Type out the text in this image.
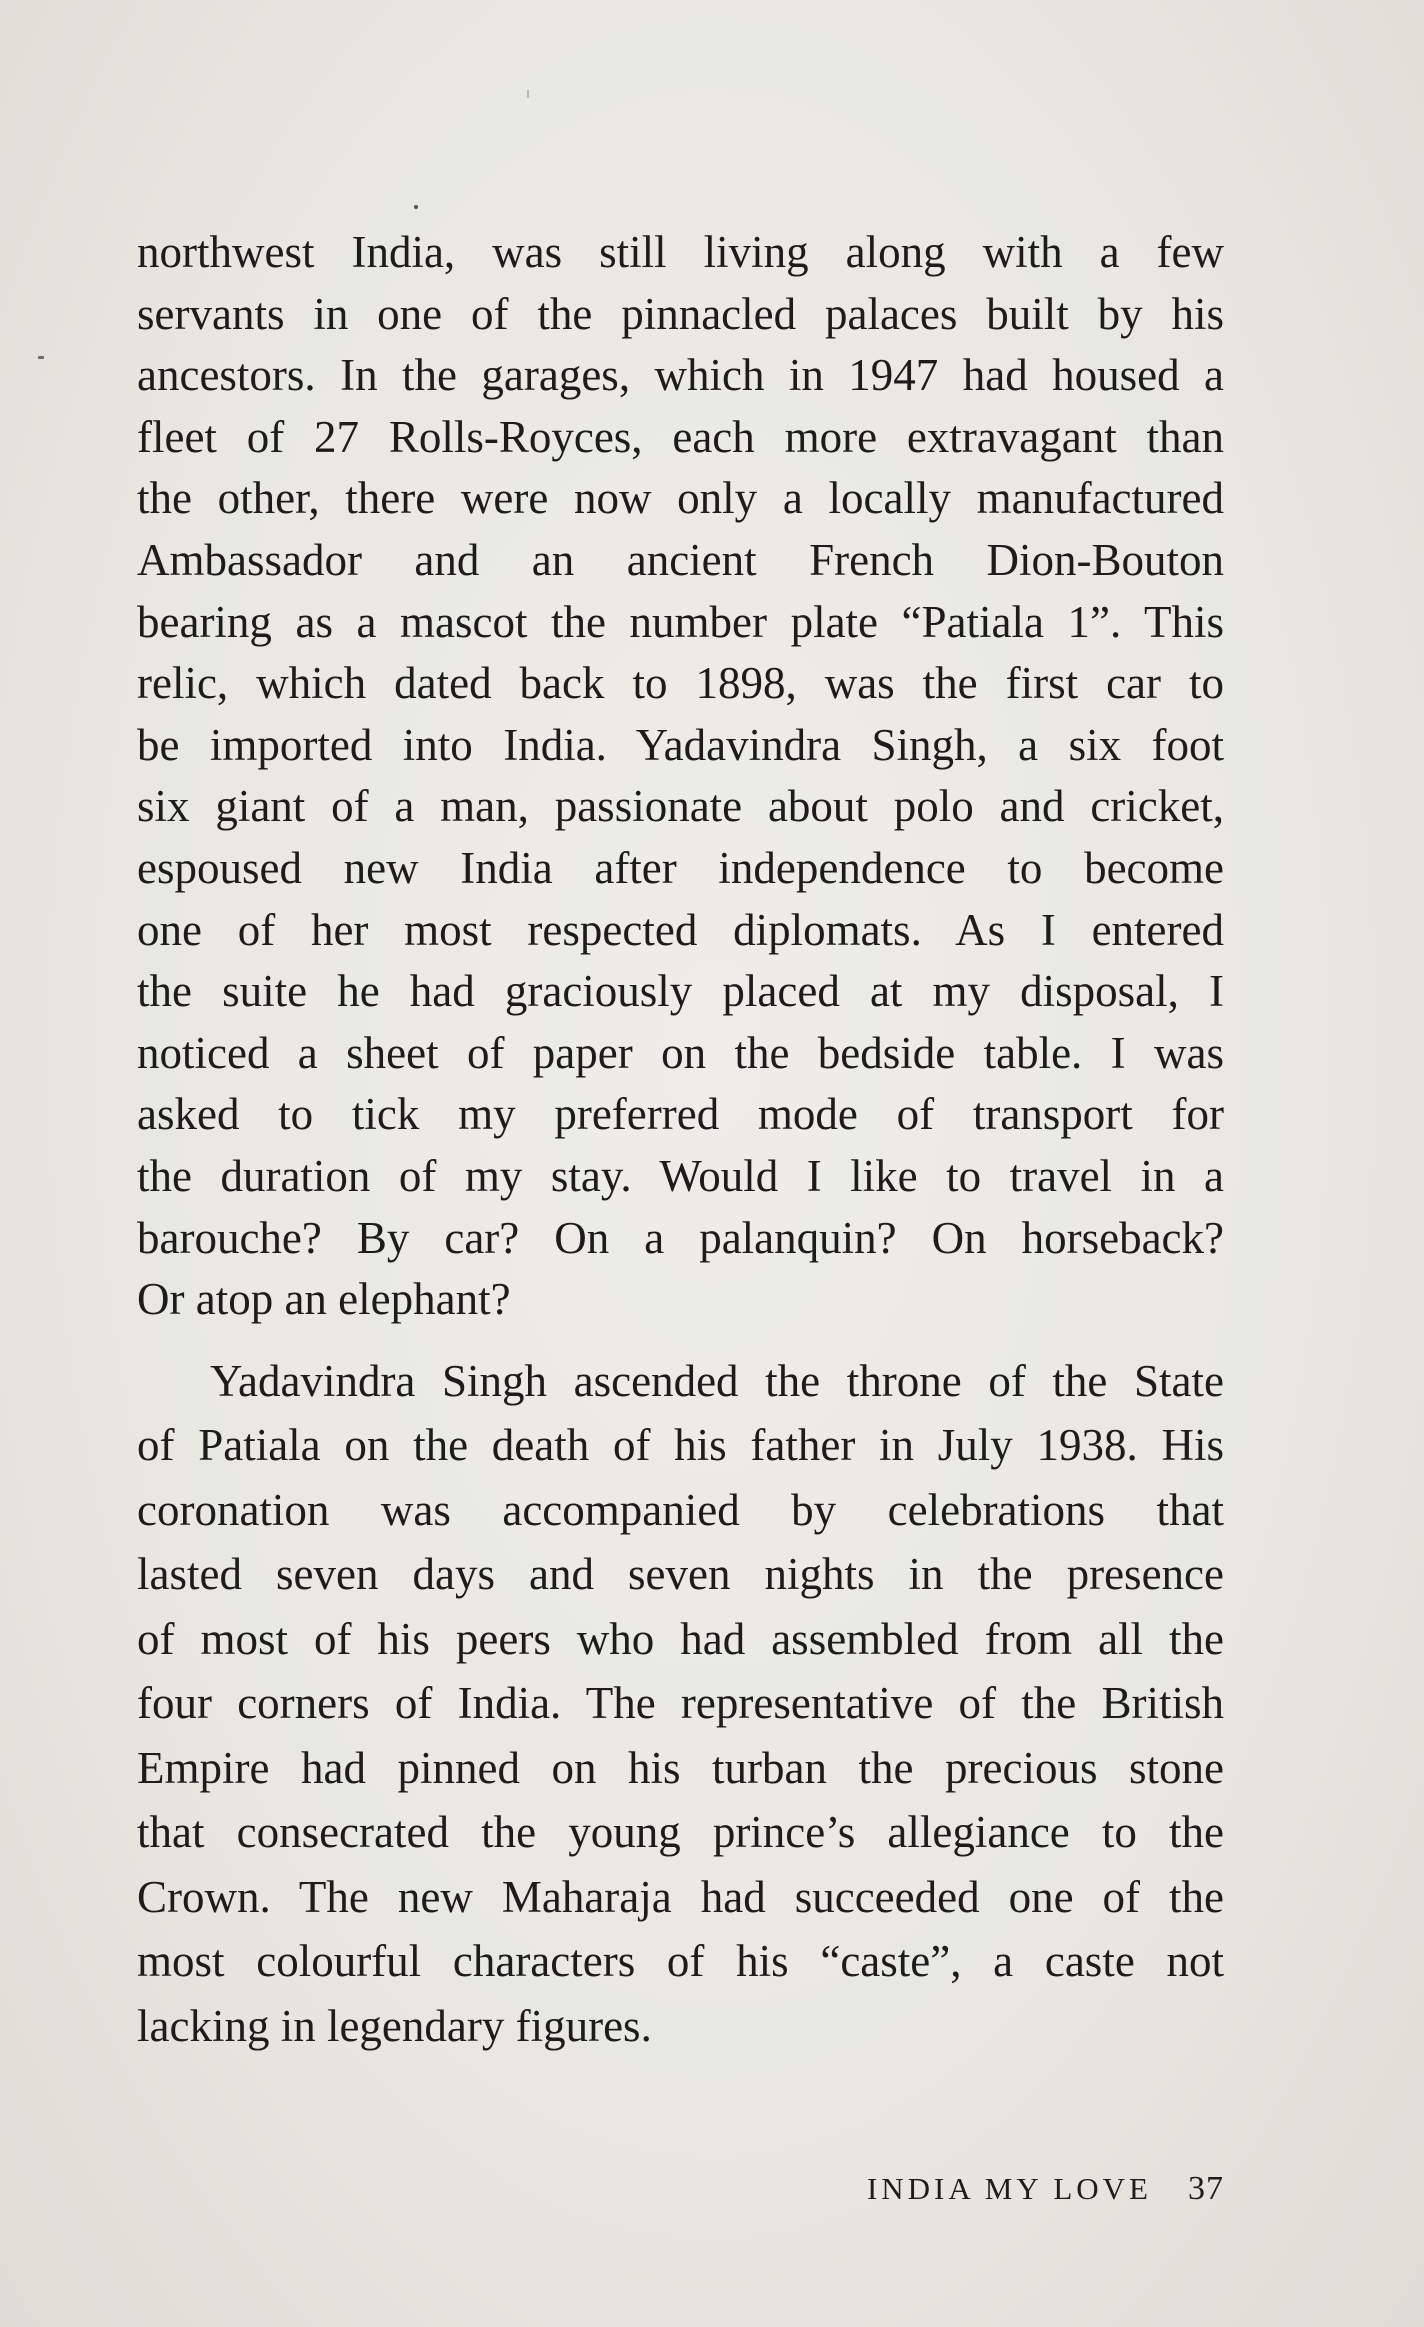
northwest India, was still living along with a few
servants in one of the pinnacled palaces built by his
ancestors. In the garages, which in 1947 had housed a
fleet of 27 Rolls-Royces, each more extravagant than
the other, there were now only a locally manufactured
Ambassador and an ancient French Dion-Bouton
bearing as a mascot the number plate “Patiala 1”. This
relic, which dated back to 1898, was the first car to
be imported into India. Yadavindra Singh, a six foot
six giant of a man, passionate about polo and cricket,
espoused new India after independence to become
one of her most respected diplomats. As I entered
the suite he had graciously placed at my disposal, I
noticed a sheet of paper on the bedside table. I was
asked to tick my preferred mode of transport for
the duration of my stay. Would I like to travel in a
barouche? By car? On a palanquin? On horseback?
Or atop an elephant?
Yadavindra Singh ascended the throne of the State
of Patiala on the death of his father in July 1938. His
coronation was accompanied by celebrations that
lasted seven days and seven nights in the presence
of most of his peers who had assembled from all the
four corners of India. The representative of the British
Empire had pinned on his turban the precious stone
that consecrated the young prince’s allegiance to the
Crown. The new Maharaja had succeeded one of the
most colourful characters of his “caste”, a caste not
lacking in legendary figures.
INDIA MY LOVE 37
